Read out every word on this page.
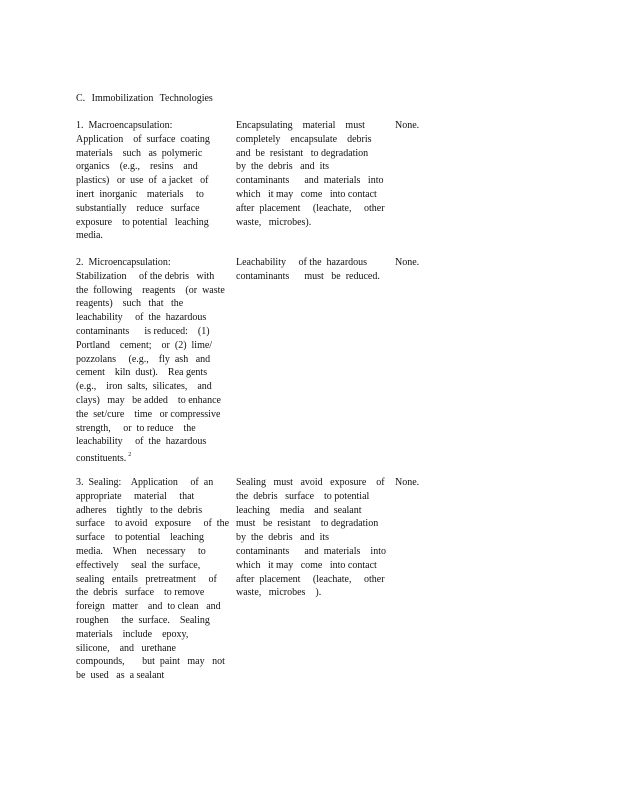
C. Immobilization Technologies
1.  Macroencapsulation:
Application    of  surface  coating
materials    such   as  polymeric
organics    (e.g.,    resins    and
plastics)   or  use  of  a jacket   of
inert  inorganic    materials     to
substantially    reduce   surface
exposure    to potential   leaching
media.
Encapsulating    material    must
completely    encapsulate    debris
and  be  resistant   to degradation
by  the  debris   and  its
contaminants      and  materials   into
which   it may   come   into contact
after  placement     (leachate,     other
waste,   microbes).
None.
2.  Microencapsulation:
Stabilization     of the debris   with
the  following    reagents    (or  waste
reagents)    such   that   the
leachability     of  the  hazardous
contaminants      is reduced:    (1)
Portland    cement;    or  (2)  lime/
pozzolans     (e.g.,    fly  ash   and
cement    kiln  dust).    Rea gents
(e.g.,    iron  salts,  silicates,    and
clays)   may   be added    to enhance
the  set/cure    time   or compressive
strength,     or  to reduce    the
leachability     of  the  hazardous
constituents. $^2$
Leachability     of the  hazardous
contaminants      must   be  reduced.
None.
3.  Sealing:    Application     of  an
appropriate     material     that
adheres    tightly   to the  debris
surface    to avoid   exposure     of  the
surface    to potential    leaching
media.    When    necessary     to
effectively     seal  the  surface,
sealing   entails   pretreatment     of
the  debris   surface    to remove
foreign   matter    and  to clean   and
roughen     the  surface.    Sealing
materials    include    epoxy,
silicone,    and   urethane
compounds,       but  paint   may   not
be  used   as  a sealant
Sealing   must   avoid   exposure    of
the  debris   surface    to potential
leaching    media    and  sealant
must   be  resistant    to degradation
by  the  debris   and  its
contaminants      and  materials    into
which   it may   come   into contact
after  placement     (leachate,     other
waste,   microbes    ).
None.
